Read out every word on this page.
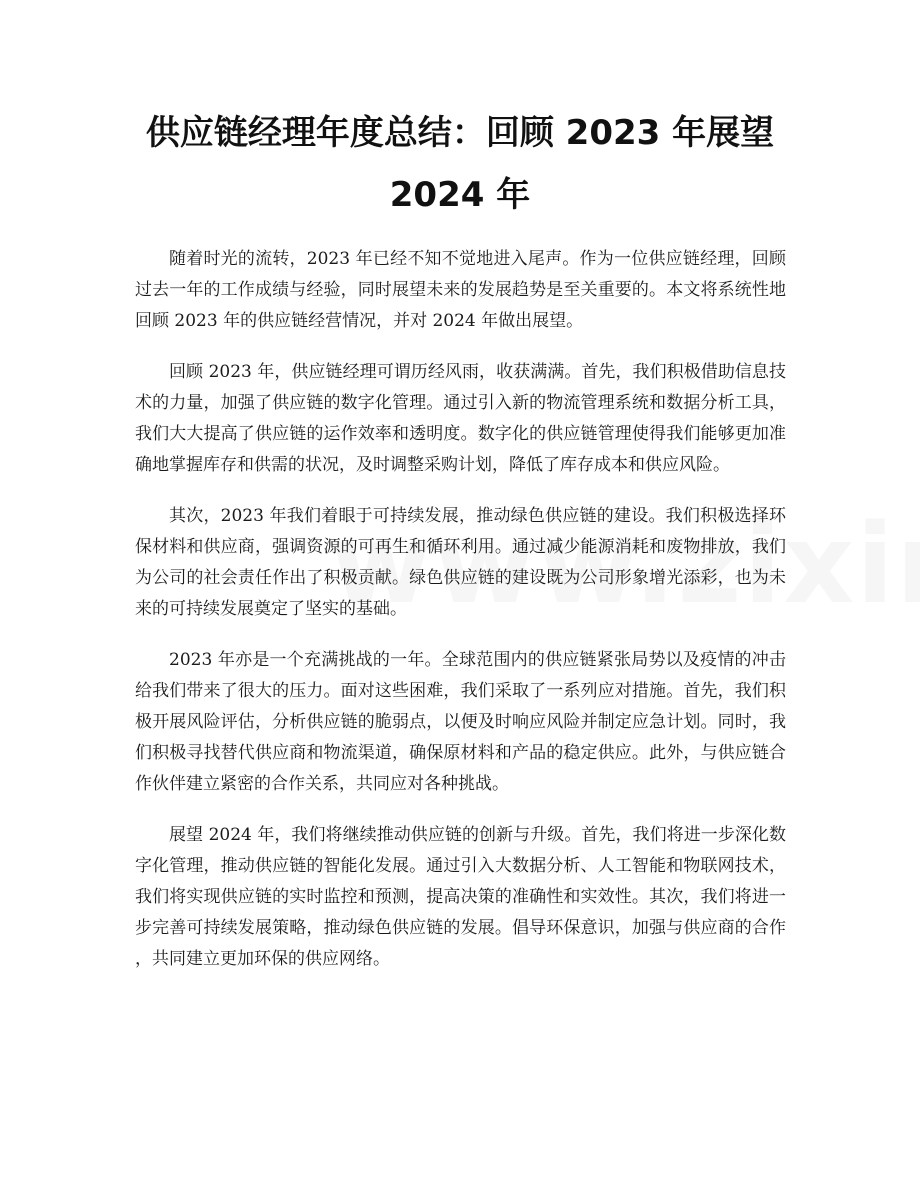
供应链经理年度总结：回顾 2023 年展望 2024 年

随着时光的流转，2023 年已经不知不觉地进入尾声。作为一位供应链经理，回顾过去一年的工作成绩与经验，同时展望未来的发展趋势是至关重要的。本文将系统性地回顾 2023 年的供应链经营情况，并对 2024 年做出展望。

回顾 2023 年，供应链经理可谓历经风雨，收获满满。首先，我们积极借助信息技术的力量，加强了供应链的数字化管理。通过引入新的物流管理系统和数据分析工具，我们大大提高了供应链的运作效率和透明度。数字化的供应链管理使得我们能够更加准确地掌握库存和供需的状况，及时调整采购计划，降低了库存成本和供应风险。

其次，2023 年我们着眼于可持续发展，推动绿色供应链的建设。我们积极选择环保材料和供应商，强调资源的可再生和循环利用。通过减少能源消耗和废物排放，我们为公司的社会责任作出了积极贡献。绿色供应链的建设既为公司形象增光添彩，也为未来的可持续发展奠定了坚实的基础。

2023 年亦是一个充满挑战的一年。全球范围内的供应链紧张局势以及疫情的冲击给我们带来了很大的压力。面对这些困难，我们采取了一系列应对措施。首先，我们积极开展风险评估，分析供应链的脆弱点，以便及时响应风险并制定应急计划。同时，我们积极寻找替代供应商和物流渠道，确保原材料和产品的稳定供应。此外，与供应链合作伙伴建立紧密的合作关系，共同应对各种挑战。

展望 2024 年，我们将继续推动供应链的创新与升级。首先，我们将进一步深化数字化管理，推动供应链的智能化发展。通过引入大数据分析、人工智能和物联网技术，我们将实现供应链的实时监控和预测，提高决策的准确性和实效性。其次，我们将进一步完善可持续发展策略，推动绿色供应链的发展。倡导环保意识，加强与供应商的合作，共同建立更加环保的供应网络。
